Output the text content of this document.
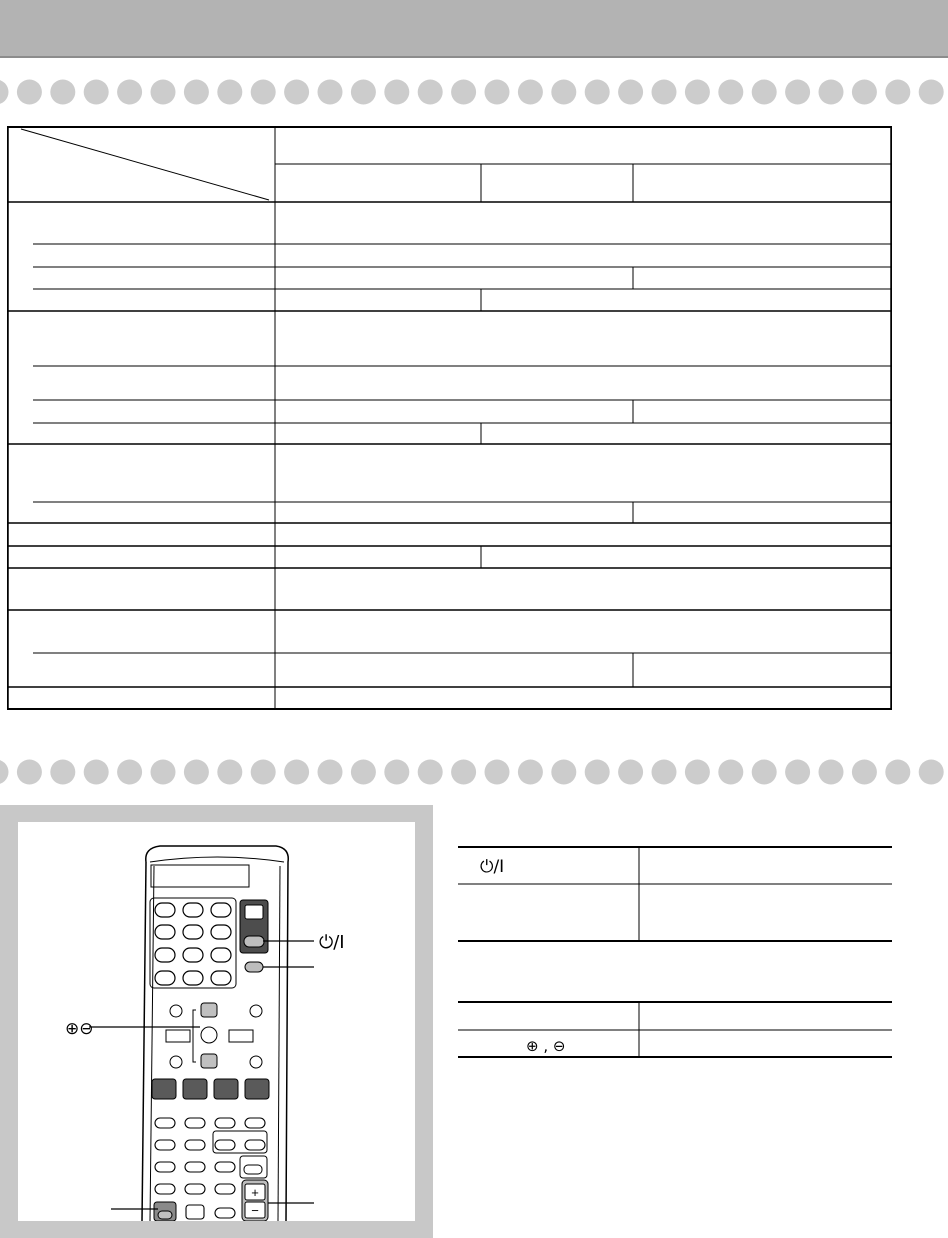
+
−
⏻/I
⊕⊖
⏻/I
⊕ , ⊖
